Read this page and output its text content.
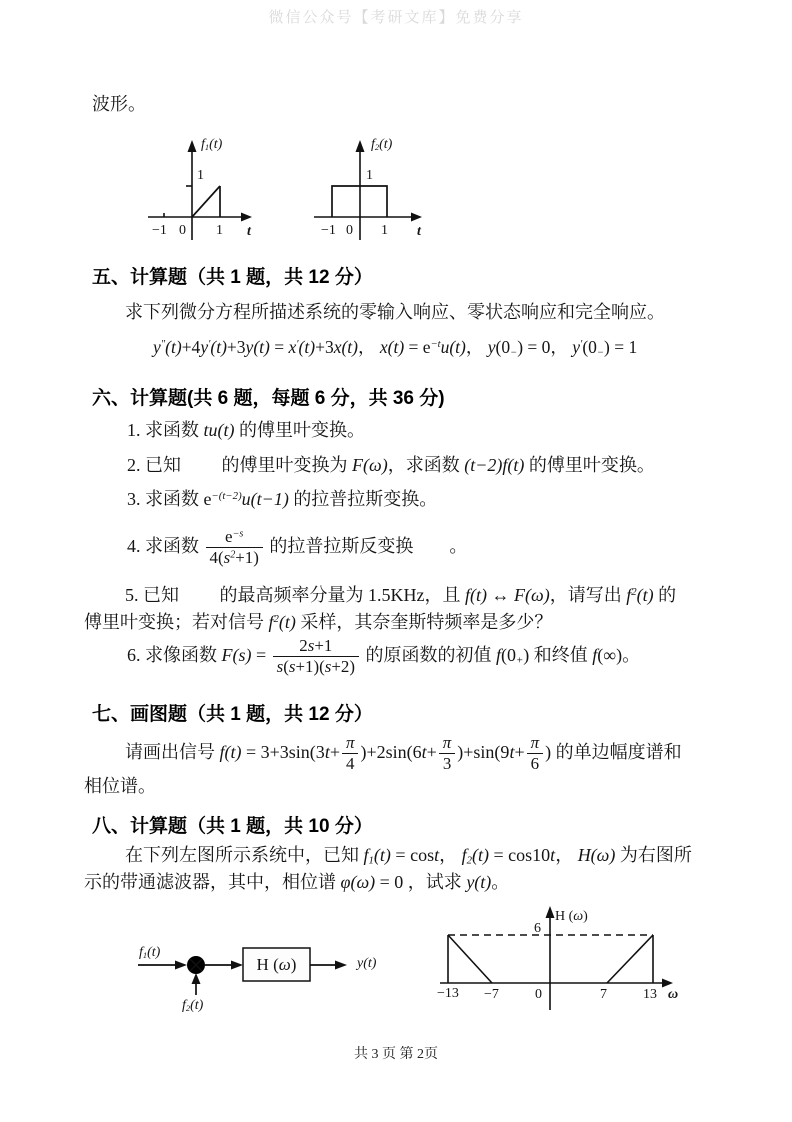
微信公众号【考研文库】免费分享
波形。
$f_1(t)$
1
−1 0 1 t
$f_2(t)$
1
−1 0 1 t
五、计算题（共 1 题，共 12 分）
求下列微分方程所描述系统的零输入响应、零状态响应和完全响应。
y″(t)+4y′(t)+3y(t) = x′(t)+3x(t)， $x(t) = e^{-t}u(t)$， $y(0_-) = 0$， $y'(0_-) = 1$
六、计算题(共 6 题，每题 6 分，共 36 分)
1. 求函数 tu(t) 的傅里叶变换。
2. 已知　　 的傅里叶变换为 F(ω)，求函数 (t−2)f(t) 的傅里叶变换。
3. 求函数 $e^{-(t-2)}u(t-1)$ 的拉普拉斯变换。
4. 求函数 $\frac{e^{-s}}{4(s^2+1)}$ 的拉普拉斯反变换　　。
5. 已知　　 的最高频率分量为 1.5KHz，且 f(t) ↔ F(ω)，请写出 $f^2(t)$ 的
傅里叶变换；若对信号 $f^2(t)$ 采样，其奈奎斯特频率是多少？
6. 求像函数 $F(s) = \frac{2s+1}{s(s+1)(s+2)}$ 的原函数的初值 $f(0_+)$ 和终值 f(∞)。
七、画图题（共 1 题，共 12 分）
请画出信号 $f(t) = 3+3\sin(3t+ \frac{\pi}{4} )+2\sin(6t+ \frac{\pi}{3} )+\sin(9t+ \frac{\pi}{6}$ ) 的单边幅度谱和
相位谱。
八、计算题（共 1 题，共 10 分）
在下列左图所示系统中，已知 $f_1(t) = \cos t$， $f_2(t) = \cos 10t$， H(ω) 为右图所
示的带通滤波器，其中，相位谱 φ(ω) = 0 ，试求 y(t)。
$f_1(t)$
H ( ω )	y(t)
$f_2(t)$
H (ω)
6
−13 −7	0	7	13 ω
共 3 页 第 2页
